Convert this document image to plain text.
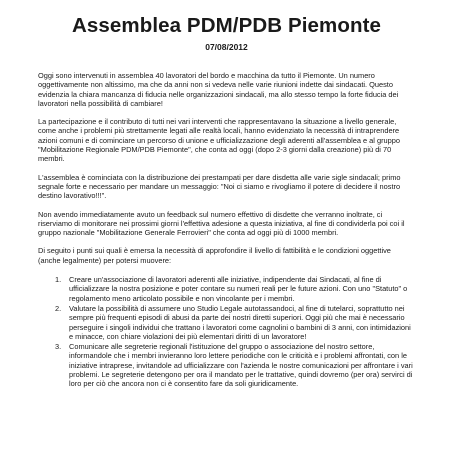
Assemblea PDM/PDB Piemonte
07/08/2012

Oggi sono intervenuti in assemblea 40 lavoratori del bordo e macchina da tutto il Piemonte. Un numero oggettivamente non altissimo, ma che da anni non si vedeva nelle varie riunioni indette dai sindacati. Questo evidenzia la chiara mancanza di fiducia nelle organizzazioni sindacali, ma allo stesso tempo la forte fiducia dei lavoratori nella possibilità di cambiare!

La partecipazione e il contributo di tutti nei vari interventi che rappresentavano la situazione a livello generale, come anche i problemi più strettamente legati alle realtà locali, hanno evidenziato la necessità di intraprendere azioni comuni e di cominciare un percorso di unione e ufficializzazione degli aderenti all'assemblea e al gruppo "Mobilitazione Regionale PDM/PDB Piemonte", che conta ad oggi (dopo 2-3 giorni dalla creazione) più di 70 membri.

L'assemblea è cominciata con la distribuzione dei prestampati per dare disdetta alle varie sigle sindacali; primo segnale forte e necessario per mandare un messaggio: "Noi ci siamo e rivogliamo il potere di decidere il nostro destino lavorativo!!!".

Non avendo immediatamente avuto un feedback sul numero effettivo di disdette che verranno inoltrate, ci riserviamo di monitorare nei prossimi giorni l'effettiva adesione a questa iniziativa, al fine di condividerla poi coi il gruppo nazionale "Mobilitazione Generale Ferrovieri" che conta ad oggi più di 1000 membri.

Di seguito i punti sui quali è emersa la necessità di approfondire il livello di fattibilità e le condizioni oggettive (anche legalmente) per potersi muovere:

1. Creare un'associazione di lavoratori aderenti alle iniziative, indipendente dai Sindacati, al fine di ufficializzare la nostra posizione e poter contare su numeri reali per le future azioni. Con uno "Statuto" o regolamento meno articolato possibile e non vincolante per i membri.
2. Valutare la possibilità di assumere uno Studio Legale autotassandoci, al fine di tutelarci, soprattutto nei sempre più frequenti episodi di abusi da parte dei nostri diretti superiori. Oggi più che mai è necessario perseguire i singoli individui che trattano i lavoratori come cagnolini o bambini di 3 anni, con intimidazioni e minacce, con chiare violazioni dei più elementari diritti di un lavoratore!
3. Comunicare alle segreterie regionali l'istituzione del gruppo o associazione del nostro settore, informandole che i membri invieranno loro lettere periodiche con le criticità e i problemi affrontati, con le iniziative intraprese, invitandole ad ufficializzare con l'azienda le nostre comunicazioni per affrontare i vari problemi. Le segreterie detengono per ora il mandato per le trattative, quindi dovremo (per ora) servirci di loro per ciò che ancora non ci è consentito fare da soli giuridicamente.
